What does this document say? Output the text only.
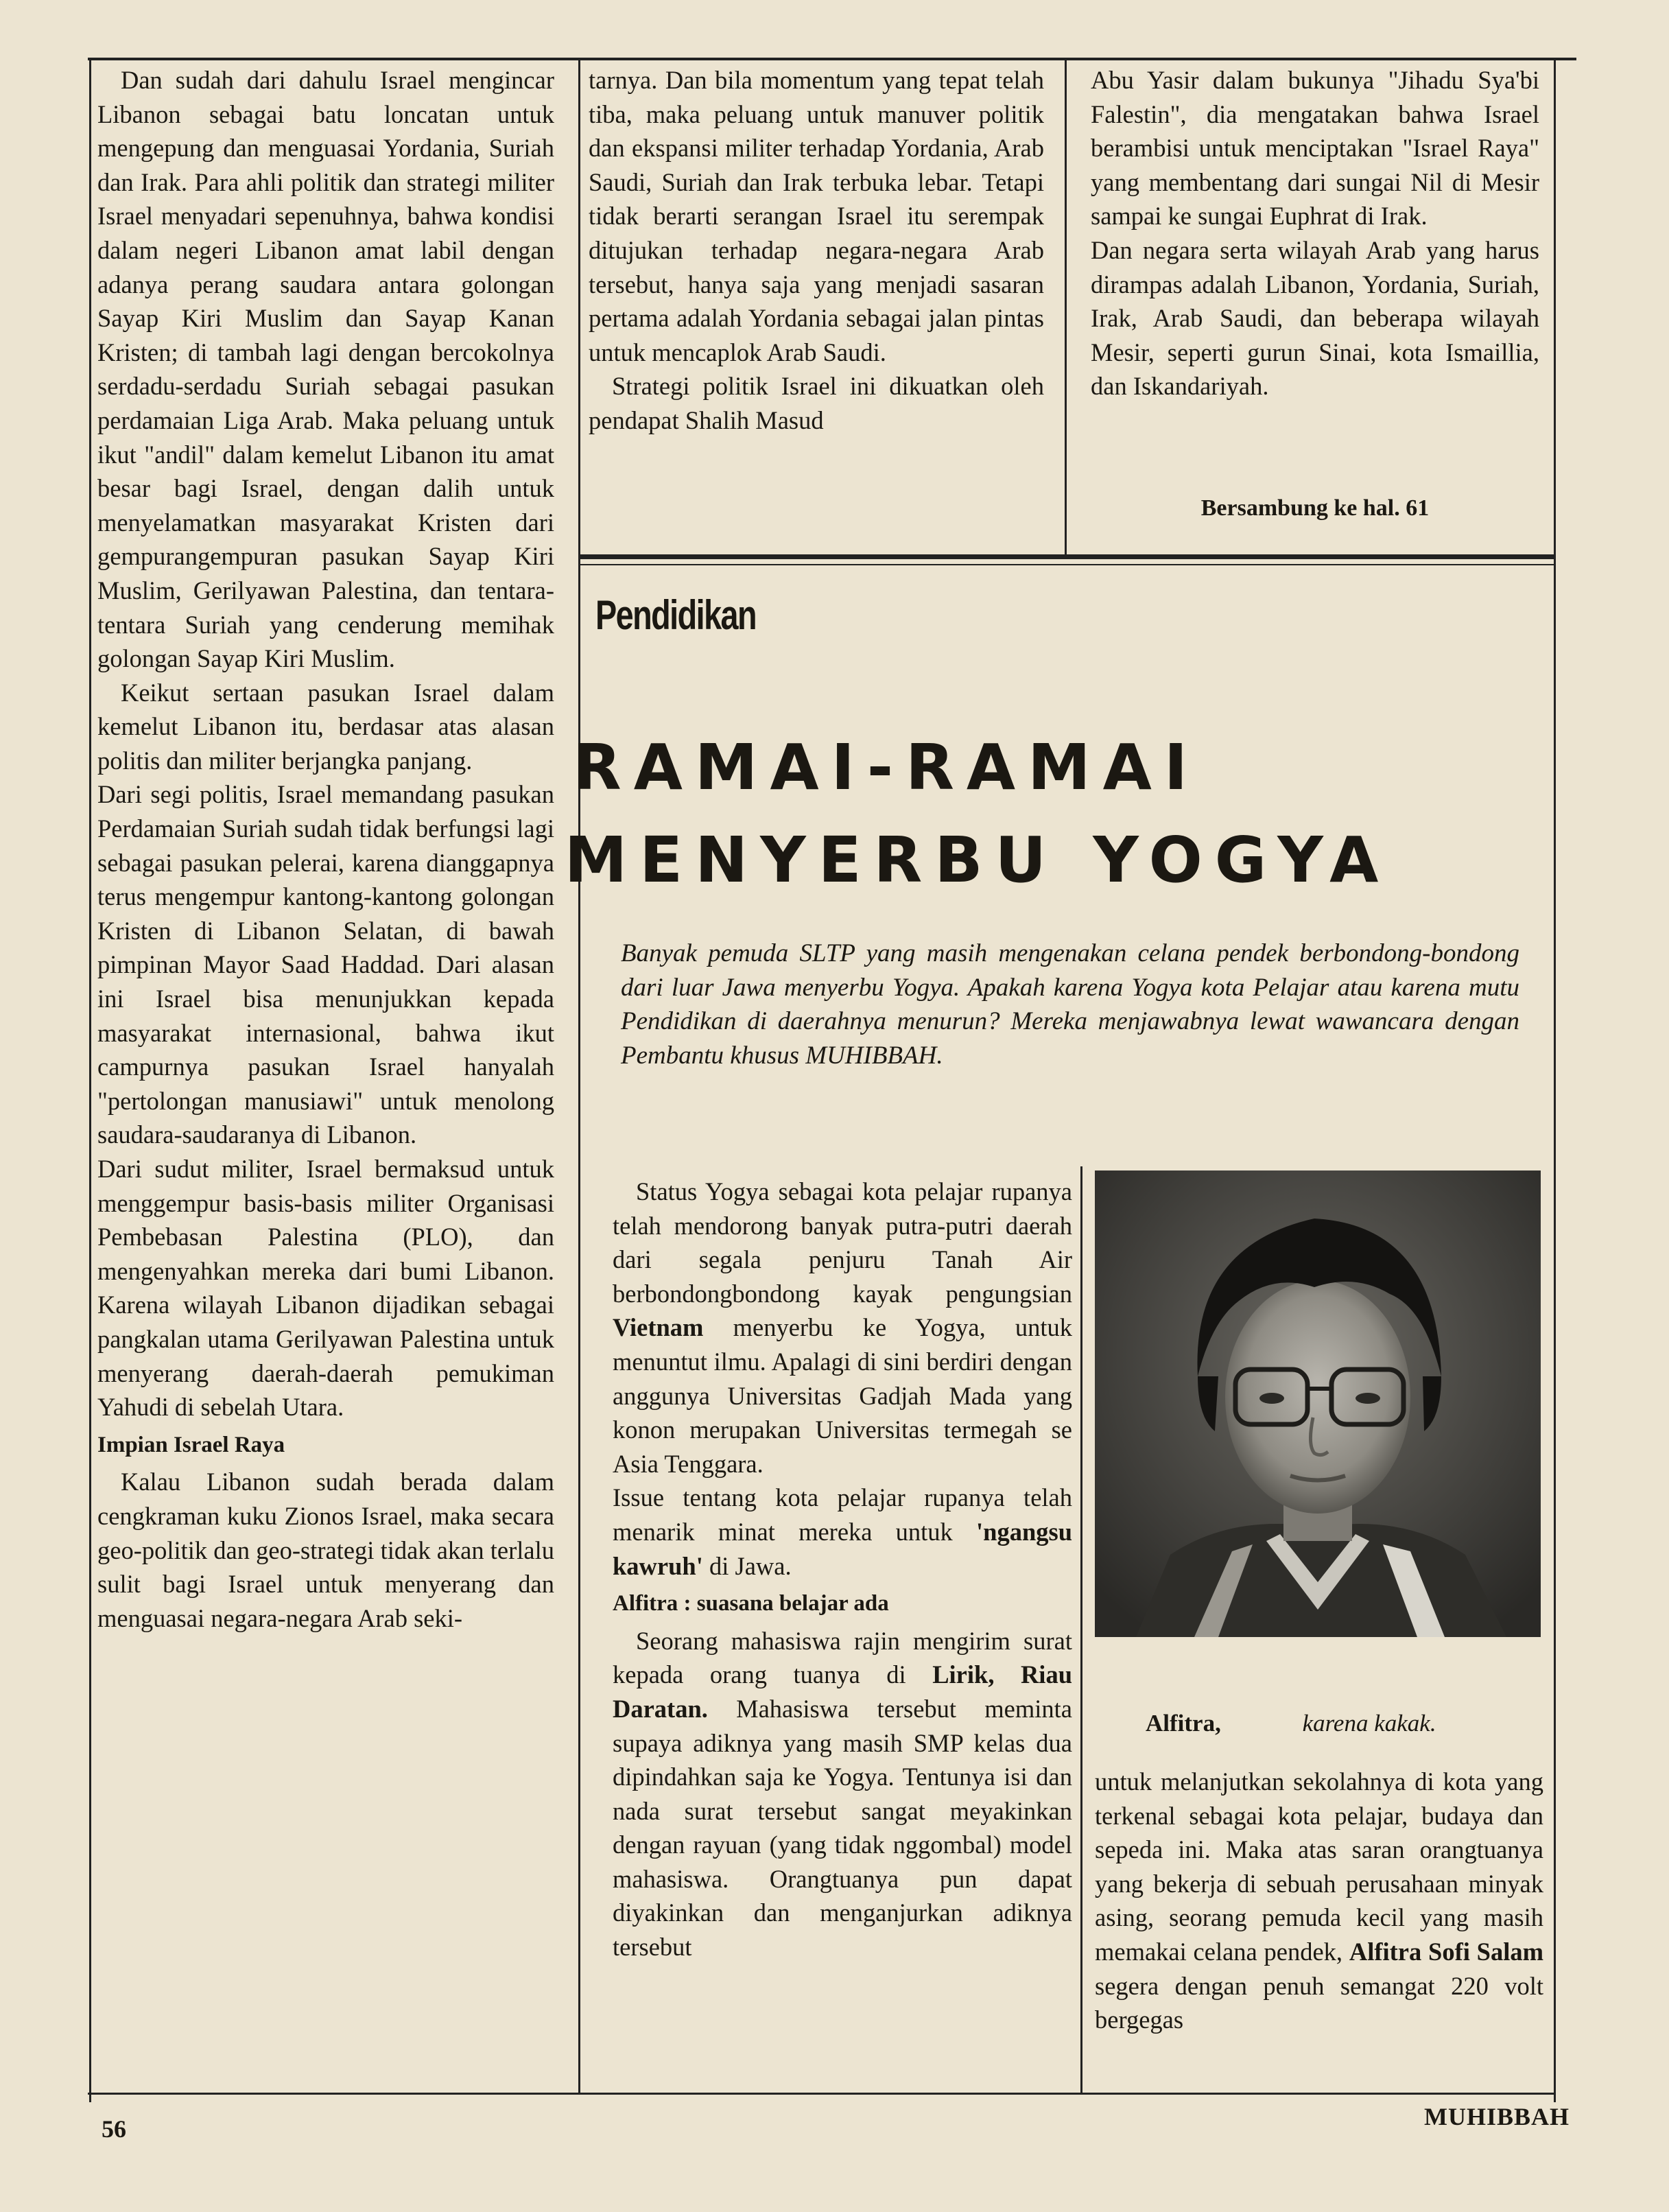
Dan sudah dari dahulu Israel mengincar Libanon sebagai batu loncatan untuk mengepung dan menguasai Yordania, Suriah dan Irak. Para ahli politik dan strategi militer Israel menyadari sepenuhnya, bahwa kondisi dalam negeri Libanon amat labil dengan adanya perang saudara antara golongan Sayap Kiri Muslim dan Sayap Kanan Kristen; di tambah lagi dengan bercokolnya serdadu-serdadu Suriah sebagai pasukan perdamaian Liga Arab. Maka peluang untuk ikut "andil" dalam kemelut Libanon itu amat besar bagi Israel, dengan dalih untuk menyelamatkan masyarakat Kristen dari gempurangempuran pasukan Sayap Kiri Muslim, Gerilyawan Palestina, dan tentara-tentara Suriah yang cenderung memihak golongan Sayap Kiri Muslim.

Keikut sertaan pasukan Israel dalam kemelut Libanon itu, berdasar atas alasan politis dan militer berjangka panjang.

Dari segi politis, Israel memandang pasukan Perdamaian Suriah sudah tidak berfungsi lagi sebagai pasukan pelerai, karena dianggapnya terus mengempur kantong-kantong golongan Kristen di Libanon Selatan, di bawah pimpinan Mayor Saad Haddad. Dari alasan ini Israel bisa menunjukkan kepada masyarakat internasional, bahwa ikut campurnya pasukan Israel hanyalah "pertolongan manusiawi" untuk menolong saudara-saudaranya di Libanon.

Dari sudut militer, Israel bermaksud untuk menggempur basis-basis militer Organisasi Pembebasan Palestina (PLO), dan mengenyahkan mereka dari bumi Libanon. Karena wilayah Libanon dijadikan sebagai pangkalan utama Gerilyawan Palestina untuk menyerang daerah-daerah pemukiman Yahudi di sebelah Utara.

Impian Israel Raya

Kalau Libanon sudah berada dalam cengkraman kuku Zionos Israel, maka secara geo-politik dan geo-strategi tidak akan terlalu sulit bagi Israel untuk menyerang dan menguasai negara-negara Arab seki-

tarnya. Dan bila momentum yang tepat telah tiba, maka peluang untuk manuver politik dan ekspansi militer terhadap Yordania, Arab Saudi, Suriah dan Irak terbuka lebar. Tetapi tidak berarti serangan Israel itu serempak ditujukan terhadap negara-negara Arab tersebut, hanya saja yang menjadi sasaran pertama adalah Yordania sebagai jalan pintas untuk mencaplok Arab Saudi.

Strategi politik Israel ini dikuatkan oleh pendapat Shalih Masud

Abu Yasir dalam bukunya "Jihadu Sya'bi Falestin", dia mengatakan bahwa Israel berambisi untuk menciptakan "Israel Raya" yang membentang dari sungai Nil di Mesir sampai ke sungai Euphrat di Irak.

Dan negara serta wilayah Arab yang harus dirampas adalah Libanon, Yordania, Suriah, Irak, Arab Saudi, dan beberapa wilayah Mesir, seperti gurun Sinai, kota Ismaillia, dan Iskandariyah.

Bersambung ke hal. 61
Pendidikan
RAMAI-RAMAI
MENYERBU YOGYA
Banyak pemuda SLTP yang masih mengenakan celana pendek berbondong-bondong dari luar Jawa menyerbu Yogya. Apakah karena Yogya kota Pelajar atau karena mutu Pendidikan di daerahnya menurun? Mereka menjawabnya lewat wawancara dengan Pembantu khusus MUHIBBAH.

Status Yogya sebagai kota pelajar rupanya telah mendorong banyak putra-putri daerah dari segala penjuru Tanah Air berbondongbondong kayak pengungsian Vietnam menyerbu ke Yogya, untuk menuntut ilmu. Apalagi di sini berdiri dengan anggunya Universitas Gadjah Mada yang konon merupakan Universitas termegah se Asia Tenggara.

Issue tentang kota pelajar rupanya telah menarik minat mereka untuk 'ngangsu kawruh' di Jawa.

Alfitra : suasana belajar ada

Seorang mahasiswa rajin mengirim surat kepada orang tuanya di Lirik, Riau Daratan. Mahasiswa tersebut meminta supaya adiknya yang masih SMP kelas dua dipindahkan saja ke Yogya. Tentunya isi dan nada surat tersebut sangat meyakinkan dengan rayuan (yang tidak nggombal) model mahasiswa. Orangtuanya pun dapat diyakinkan dan menganjurkan adiknya tersebut

Alfitra,	karena kakak.

untuk melanjutkan sekolahnya di kota yang terkenal sebagai kota pelajar, budaya dan sepeda ini. Maka atas saran orangtuanya yang bekerja di sebuah perusahaan minyak asing, seorang pemuda kecil yang masih memakai celana pendek, Alfitra Sofi Salam segera dengan penuh semangat 220 volt bergegas

56	MUHIBBAH
